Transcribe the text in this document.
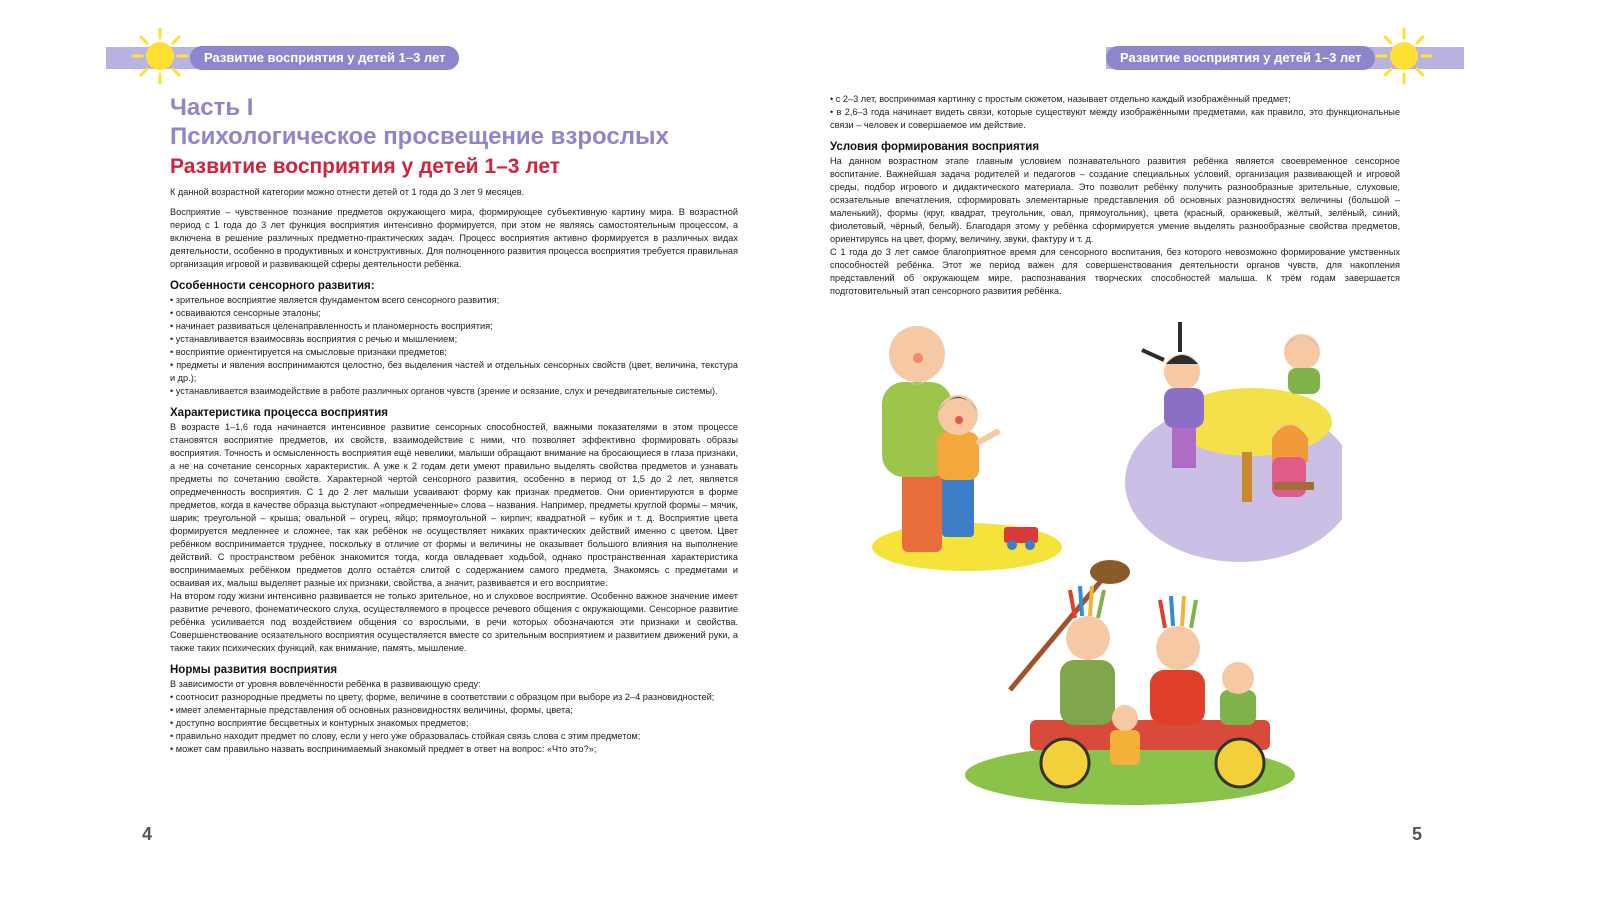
Развитие восприятия у детей 1–3 лет
Часть I
Психологическое просвещение взрослых
Развитие восприятия у детей 1–3 лет

К данной возрастной категории можно отнести детей от 1 года до 3 лет 9 месяцев.

Восприятие – чувственное познание предметов окружающего мира, формирующее субъективную картину мира. В возрастной период с 1 года до 3 лет функция восприятия интенсивно формируется, при этом не являясь самостоятельным процессом, а включена в решение различных предметно-практических задач. Процесс восприятия активно формируется в различных видах деятельности, особенно в продуктивных и конструктивных. Для полноценного развития процесса восприятия требуется правильная организация игровой и развивающей сферы деятельности ребёнка.

Особенности сенсорного развития:
• зрительное восприятие является фундаментом всего сенсорного развития;
• осваиваются сенсорные эталоны;
• начинает развиваться целенаправленность и планомерность восприятия;
• устанавливается взаимосвязь восприятия с речью и мышлением;
• восприятие ориентируется на смысловые признаки предметов;
• предметы и явления воспринимаются целостно, без выделения частей и отдельных сенсорных свойств (цвет, величина, текстура и др.);
• устанавливается взаимодействие в работе различных органов чувств (зрение и осязание, слух и речедвигательные системы).
Характеристика процесса восприятия

В возрасте 1–1,6 года начинается интенсивное развитие сенсорных способностей, важными показателями в этом процессе становятся восприятие предметов, их свойств, взаимодействие с ними, что позволяет эффективно формировать образы восприятия. Точность и осмысленность восприятия ещё невелики, малыши обращают внимание на бросающиеся в глаза признаки, а не на сочетание сенсорных характеристик. А уже к 2 годам дети умеют правильно выделять свойства предметов и узнавать предметы по сочетанию свойств. Характерной чертой сенсорного развития, особенно в период от 1,5 до 2 лет, является опредмеченность восприятия. С 1 до 2 лет малыши усваивают форму как признак предметов. Они ориентируются в форме предметов, когда в качестве образца выступают «опредмеченные» слова – названия. Например, предметы круглой формы – мячик, шарик; треугольной – крыша; овальной – огурец, яйцо; прямоугольной – кирпич; квадратной – кубик и т. д. Восприятие цвета формируется медленнее и сложнее, так как ребёнок не осуществляет никаких практических действий именно с цветом. Цвет ребёнком воспринимается труднее, поскольку в отличие от формы и величины не оказывает большого влияния на выполнение действий. С пространством ребёнок знакомится тогда, когда овладевает ходьбой, однако пространственная характеристика воспринимаемых ребёнком предметов долго остаётся слитой с содержанием самого предмета. Знакомясь с предметами и осваивая их, малыш выделяет разные их признаки, свойства, а значит, развивается и его восприятие.

На втором году жизни интенсивно развивается не только зрительное, но и слуховое восприятие. Особенно важное значение имеет развитие речевого, фонематического слуха, осуществляемого в процессе речевого общения с окружающими. Сенсорное развитие ребёнка усиливается под воздействием общения со взрослыми, в речи которых обозначаются эти признаки и свойства. Совершенствование осязательного восприятия осуществляется вместе со зрительным восприятием и развитием движений руки, а также таких психических функций, как внимание, память, мышление.

Нормы развития восприятия

В зависимости от уровня вовлечённости ребёнка в развивающую среду:

• соотносит разнородные предметы по цвету, форме, величине в соответствии с образцом при выборе из 2–4 разновидностей;
• имеет элементарные представления об основных разновидностях величины, формы, цвета;
• доступно восприятие бесцветных и контурных знакомых предметов;
• правильно находит предмет по слову, если у него уже образовалась стойкая связь слова с этим предметом;
• может сам правильно назвать воспринимаемый знакомый предмет в ответ на вопрос: «Что это?»;
4
Развитие восприятия у детей 1–3 лет
• с 2–3 лет, воспринимая картинку с простым сюжетом, называет отдельно каждый изображённый предмет;
• в 2,6–3 года начинает видеть связи, которые существуют между изображёнными предметами, как правило, это функциональные связи – человек и совершаемое им действие.
Условия формирования восприятия

На данном возрастном этапе главным условием познавательного развития ребёнка является своевременное сенсорное воспитание. Важнейшая задача родителей и педагогов – создание специальных условий, организация развивающей и игровой среды, подбор игрового и дидактического материала. Это позволит ребёнку получить разнообразные зрительные, слуховые, осязательные впечатления, сформировать элементарные представления об основных разновидностях величины (большой – маленький), формы (круг, квадрат, треугольник, овал, прямоугольник), цвета (красный, оранжевый, жёлтый, зелёный, синий, фиолетовый, чёрный, белый). Благодаря этому у ребёнка сформируется умение выделять разнообразные свойства предметов, ориентируясь на цвет, форму, величину, звуки, фактуру и т. д.

С 1 года до 3 лет самое благоприятное время для сенсорного воспитания, без которого невозможно формирование умственных способностей ребёнка. Этот же период важен для совершенствования деятельности органов чувств, для накопления представлений об окружающем мире, распознавания творческих способностей малыша. К трём годам завершается подготовительный этап сенсорного развития ребёнка.

5
